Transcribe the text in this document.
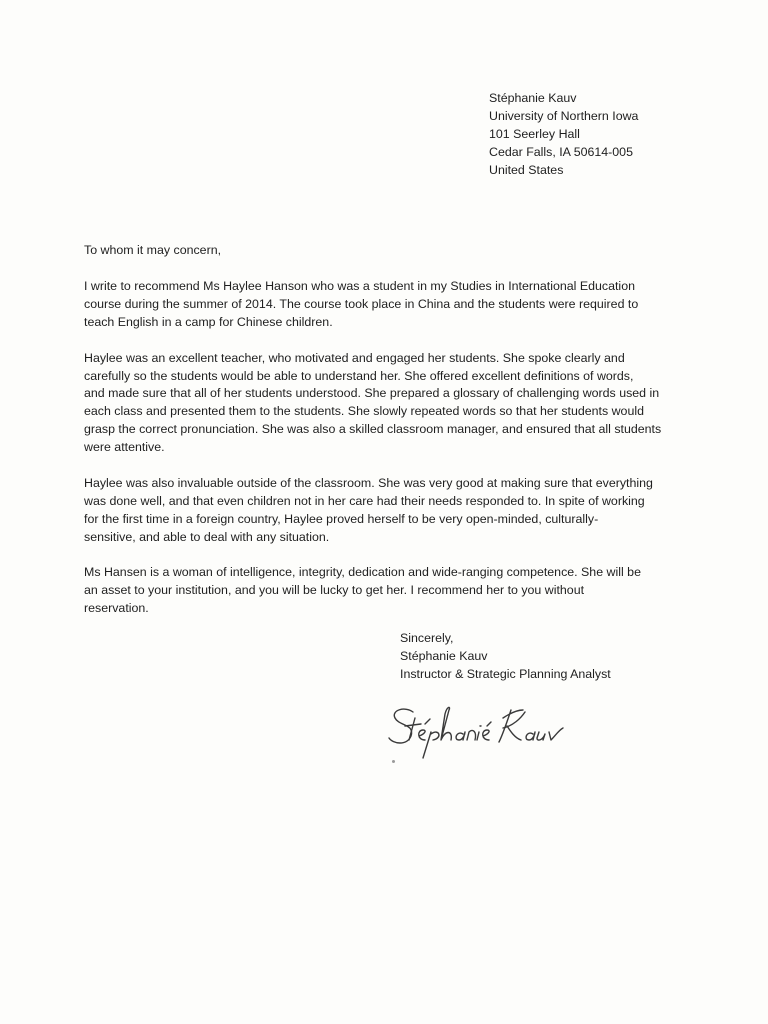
Stéphanie Kauv
University of Northern Iowa
101 Seerley Hall
Cedar Falls, IA 50614-005
United States
To whom it may concern,

I write to recommend Ms Haylee Hanson who was a student in my Studies in International Education

course during the summer of 2014. The course took place in China and the students were required to

teach English in a camp for Chinese children.

Haylee was an excellent teacher, who motivated and engaged her students. She spoke clearly and

carefully so the students would be able to understand her. She offered excellent definitions of words,

and made sure that all of her students understood. She prepared a glossary of challenging words used in

each class and presented them to the students. She slowly repeated words so that her students would

grasp the correct pronunciation. She was also a skilled classroom manager, and ensured that all students

were attentive.

Haylee was also invaluable outside of the classroom. She was very good at making sure that everything

was done well, and that even children not in her care had their needs responded to. In spite of working

for the first time in a foreign country, Haylee proved herself to be very open-minded, culturally-

sensitive, and able to deal with any situation.

Ms Hansen is a woman of intelligence, integrity, dedication and wide-ranging competence. She will be

an asset to your institution, and you will be lucky to get her. I recommend her to you without

reservation.

Sincerely,
Stéphanie Kauv
Instructor & Strategic Planning Analyst
